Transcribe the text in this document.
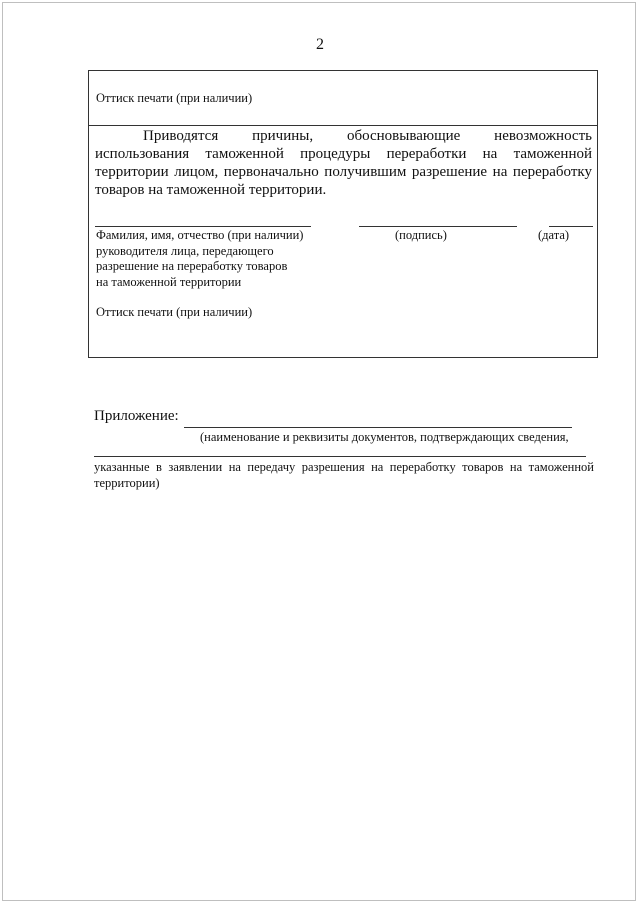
2
Оттиск печати (при наличии)

Приводятся причины, обосновывающие невозможность использования таможенной процедуры переработки на таможенной территории лицом, первоначально получившим разрешение на переработку товаров на таможенной территории.

Фамилия, имя, отчество (при наличии)
руководителя лица, передающего
разрешение на переработку товаров
на таможенной территории
(подпись)	(дата)
Оттиск печати (при наличии)
Приложение:
(наименование и реквизиты документов, подтверждающих сведения,

указанные в заявлении на передачу разрешения на переработку товаров на таможенной территории)
